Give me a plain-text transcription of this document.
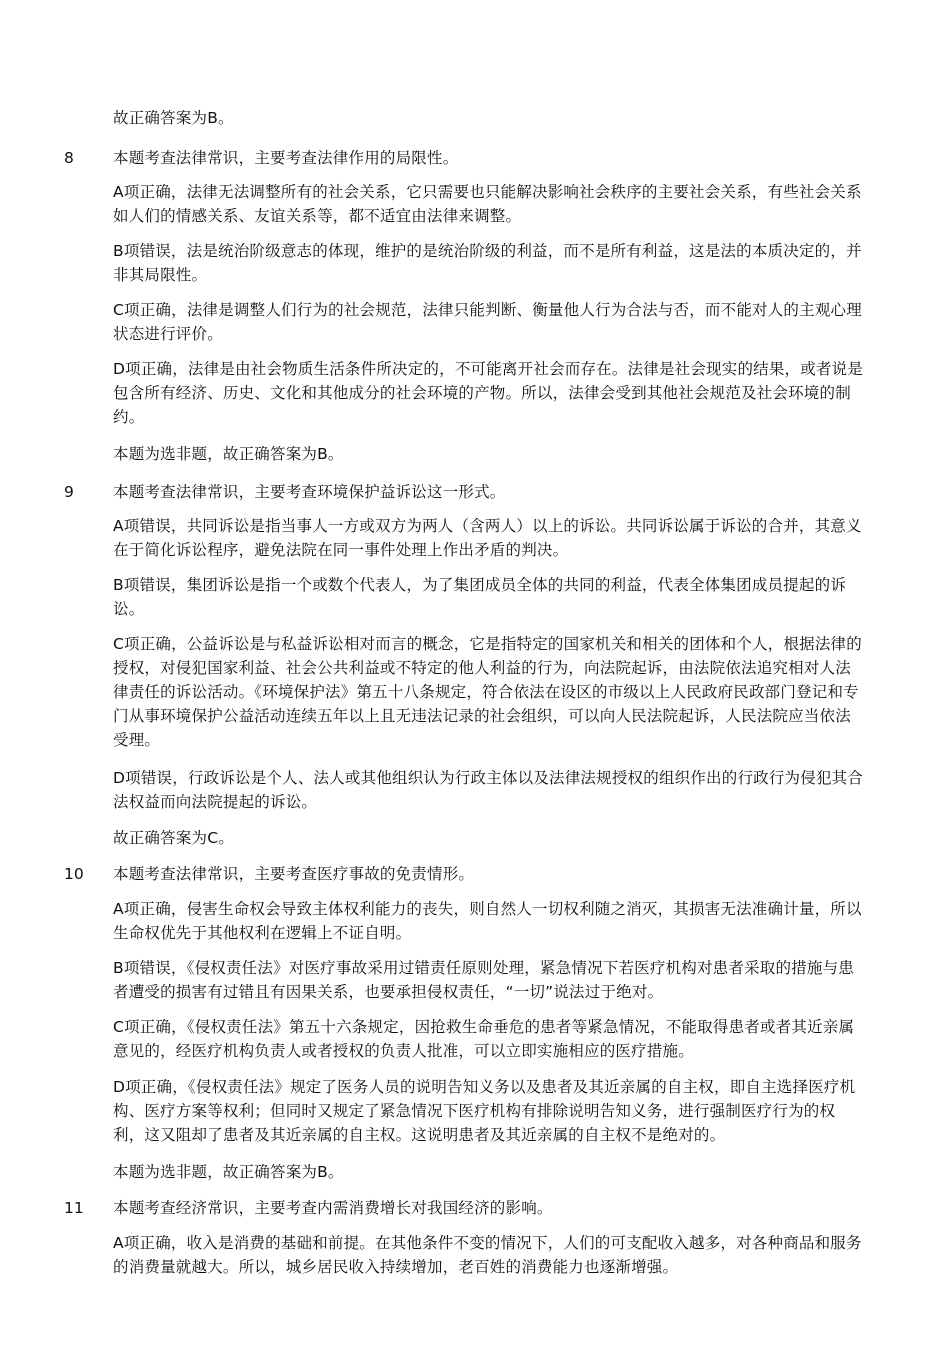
故正确答案为B。

8	本题考查法律常识，主要考查法律作用的局限性。

A项正确，法律无法调整所有的社会关系，它只需要也只能解决影响社会秩序的主要社会关系，有些社会关系如人们的情感关系、友谊关系等，都不适宜由法律来调整。

B项错误，法是统治阶级意志的体现，维护的是统治阶级的利益，而不是所有利益，这是法的本质决定的，并非其局限性。

C项正确，法律是调整人们行为的社会规范，法律只能判断、衡量他人行为合法与否，而不能对人的主观心理状态进行评价。

D项正确，法律是由社会物质生活条件所决定的，不可能离开社会而存在。法律是社会现实的结果，或者说是包含所有经济、历史、文化和其他成分的社会环境的产物。所以，法律会受到其他社会规范及社会环境的制约。

本题为选非题，故正确答案为B。

9	本题考查法律常识，主要考查环境保护益诉讼这一形式。

A项错误，共同诉讼是指当事人一方或双方为两人（含两人）以上的诉讼。共同诉讼属于诉讼的合并，其意义在于简化诉讼程序，避免法院在同一事件处理上作出矛盾的判决。

B项错误，集团诉讼是指一个或数个代表人，为了集团成员全体的共同的利益，代表全体集团成员提起的诉讼。

C项正确，公益诉讼是与私益诉讼相对而言的概念，它是指特定的国家机关和相关的团体和个人，根据法律的授权，对侵犯国家利益、社会公共利益或不特定的他人利益的行为，向法院起诉，由法院依法追究相对人法律责任的诉讼活动。《环境保护法》第五十八条规定，符合依法在设区的市级以上人民政府民政部门登记和专门从事环境保护公益活动连续五年以上且无违法记录的社会组织，可以向人民法院起诉，人民法院应当依法受理。

D项错误，行政诉讼是个人、法人或其他组织认为行政主体以及法律法规授权的组织作出的行政行为侵犯其合法权益而向法院提起的诉讼。

故正确答案为C。

10	本题考查法律常识，主要考查医疗事故的免责情形。

A项正确，侵害生命权会导致主体权利能力的丧失，则自然人一切权利随之消灭，其损害无法准确计量，所以生命权优先于其他权利在逻辑上不证自明。

B项错误，《侵权责任法》对医疗事故采用过错责任原则处理，紧急情况下若医疗机构对患者采取的措施与患者遭受的损害有过错且有因果关系，也要承担侵权责任，“一切”说法过于绝对。

C项正确，《侵权责任法》第五十六条规定，因抢救生命垂危的患者等紧急情况，不能取得患者或者其近亲属意见的，经医疗机构负责人或者授权的负责人批准，可以立即实施相应的医疗措施。

D项正确，《侵权责任法》规定了医务人员的说明告知义务以及患者及其近亲属的自主权，即自主选择医疗机构、医疗方案等权利；但同时又规定了紧急情况下医疗机构有排除说明告知义务，进行强制医疗行为的权利，这又阻却了患者及其近亲属的自主权。这说明患者及其近亲属的自主权不是绝对的。

本题为选非题，故正确答案为B。

11	本题考查经济常识，主要考查内需消费增长对我国经济的影响。

A项正确，收入是消费的基础和前提。在其他条件不变的情况下，人们的可支配收入越多，对各种商品和服务的消费量就越大。所以，城乡居民收入持续增加，老百姓的消费能力也逐渐增强。
